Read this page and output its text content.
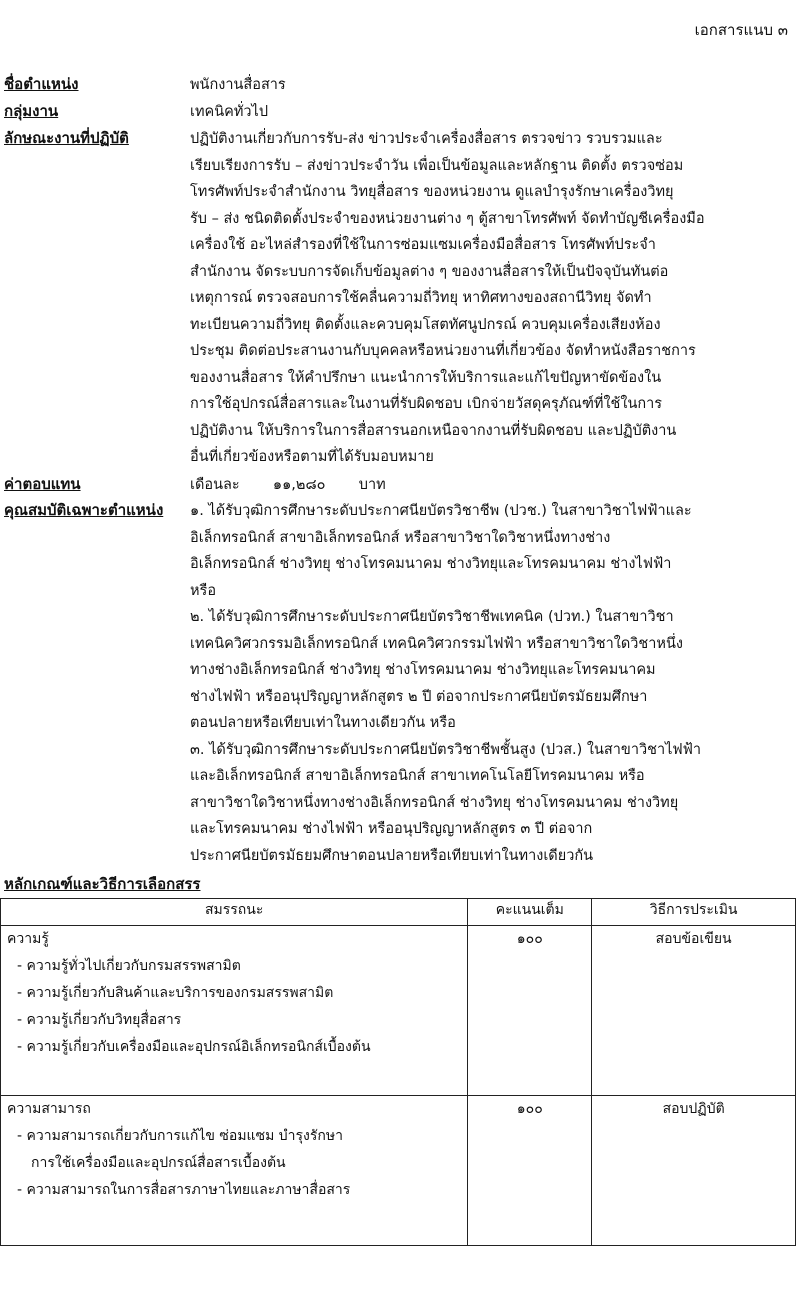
เอกสารแนบ ๓
ชื่อตำแหน่ง	พนักงานสื่อสาร
กลุ่มงาน	เทคนิคทั่วไป
ลักษณะงานที่ปฏิบัติ	ปฏิบัติงานเกี่ยวกับการรับ-ส่ง ข่าวประจำเครื่องสื่อสาร ตรวจข่าว รวบรวมและ

เรียบเรียงการรับ – ส่งข่าวประจำวัน เพื่อเป็นข้อมูลและหลักฐาน ติดตั้ง ตรวจซ่อม

โทรศัพท์ประจำสำนักงาน วิทยุสื่อสาร ของหน่วยงาน ดูแลบำรุงรักษาเครื่องวิทยุ

รับ – ส่ง ชนิดติดตั้งประจำของหน่วยงานต่าง ๆ ตู้สาขาโทรศัพท์ จัดทำบัญชีเครื่องมือ

เครื่องใช้ อะไหล่สำรองที่ใช้ในการซ่อมแซมเครื่องมือสื่อสาร โทรศัพท์ประจำ

สำนักงาน จัดระบบการจัดเก็บข้อมูลต่าง ๆ ของงานสื่อสารให้เป็นปัจจุบันทันต่อ

เหตุการณ์ ตรวจสอบการใช้คลื่นความถี่วิทยุ หาทิศทางของสถานีวิทยุ จัดทำ

ทะเบียนความถี่วิทยุ ติดตั้งและควบคุมโสตทัศนูปกรณ์ ควบคุมเครื่องเสียงห้อง

ประชุม ติดต่อประสานงานกับบุคคลหรือหน่วยงานที่เกี่ยวข้อง จัดทำหนังสือราชการ

ของงานสื่อสาร ให้คำปรึกษา แนะนำการให้บริการและแก้ไขปัญหาขัดข้องใน

การใช้อุปกรณ์สื่อสารและในงานที่รับผิดชอบ เบิกจ่ายวัสดุครุภัณฑ์ที่ใช้ในการ

ปฏิบัติงาน ให้บริการในการสื่อสารนอกเหนือจากงานที่รับผิดชอบ และปฏิบัติงาน

อื่นที่เกี่ยวข้องหรือตามที่ได้รับมอบหมาย

ค่าตอบแทน	เดือนละ ๑๑,๒๘๐ บาท
คุณสมบัติเฉพาะตำแหน่ง	๑. ได้รับวุฒิการศึกษาระดับประกาศนียบัตรวิชาชีพ (ปวช.) ในสาขาวิชาไฟฟ้าและ

อิเล็กทรอนิกส์ สาขาอิเล็กทรอนิกส์ หรือสาขาวิชาใดวิชาหนึ่งทางช่าง

อิเล็กทรอนิกส์ ช่างวิทยุ ช่างโทรคมนาคม ช่างวิทยุและโทรคมนาคม ช่างไฟฟ้า

หรือ

๒. ได้รับวุฒิการศึกษาระดับประกาศนียบัตรวิชาชีพเทคนิค (ปวท.) ในสาขาวิชา

เทคนิควิศวกรรมอิเล็กทรอนิกส์ เทคนิควิศวกรรมไฟฟ้า หรือสาขาวิชาใดวิชาหนึ่ง

ทางช่างอิเล็กทรอนิกส์ ช่างวิทยุ ช่างโทรคมนาคม ช่างวิทยุและโทรคมนาคม

ช่างไฟฟ้า หรืออนุปริญญาหลักสูตร ๒ ปี ต่อจากประกาศนียบัตรมัธยมศึกษา

ตอนปลายหรือเทียบเท่าในทางเดียวกัน หรือ

๓. ได้รับวุฒิการศึกษาระดับประกาศนียบัตรวิชาชีพชั้นสูง (ปวส.) ในสาขาวิชาไฟฟ้า

และอิเล็กทรอนิกส์ สาขาอิเล็กทรอนิกส์ สาขาเทคโนโลยีโทรคมนาคม หรือ

สาขาวิชาใดวิชาหนึ่งทางช่างอิเล็กทรอนิกส์ ช่างวิทยุ ช่างโทรคมนาคม ช่างวิทยุ

และโทรคมนาคม ช่างไฟฟ้า หรืออนุปริญญาหลักสูตร ๓ ปี ต่อจาก

ประกาศนียบัตรมัธยมศึกษาตอนปลายหรือเทียบเท่าในทางเดียวกัน

หลักเกณฑ์และวิธีการเลือกสรร
สมรรถนะ	คะแนนเต็ม	วิธีการประเมิน

ความรู้
- ความรู้ทั่วไปเกี่ยวกับกรมสรรพสามิต
- ความรู้เกี่ยวกับสินค้าและบริการของกรมสรรพสามิต
- ความรู้เกี่ยวกับวิทยุสื่อสาร
- ความรู้เกี่ยวกับเครื่องมือและอุปกรณ์อิเล็กทรอนิกส์เบื้องต้น	๑๐๐	สอบข้อเขียน

ความสามารถ
- ความสามารถเกี่ยวกับการแก้ไข ซ่อมแซม บำรุงรักษา
การใช้เครื่องมือและอุปกรณ์สื่อสารเบื้องต้น
- ความสามารถในการสื่อสารภาษาไทยและภาษาสื่อสาร	๑๐๐	สอบปฏิบัติ
